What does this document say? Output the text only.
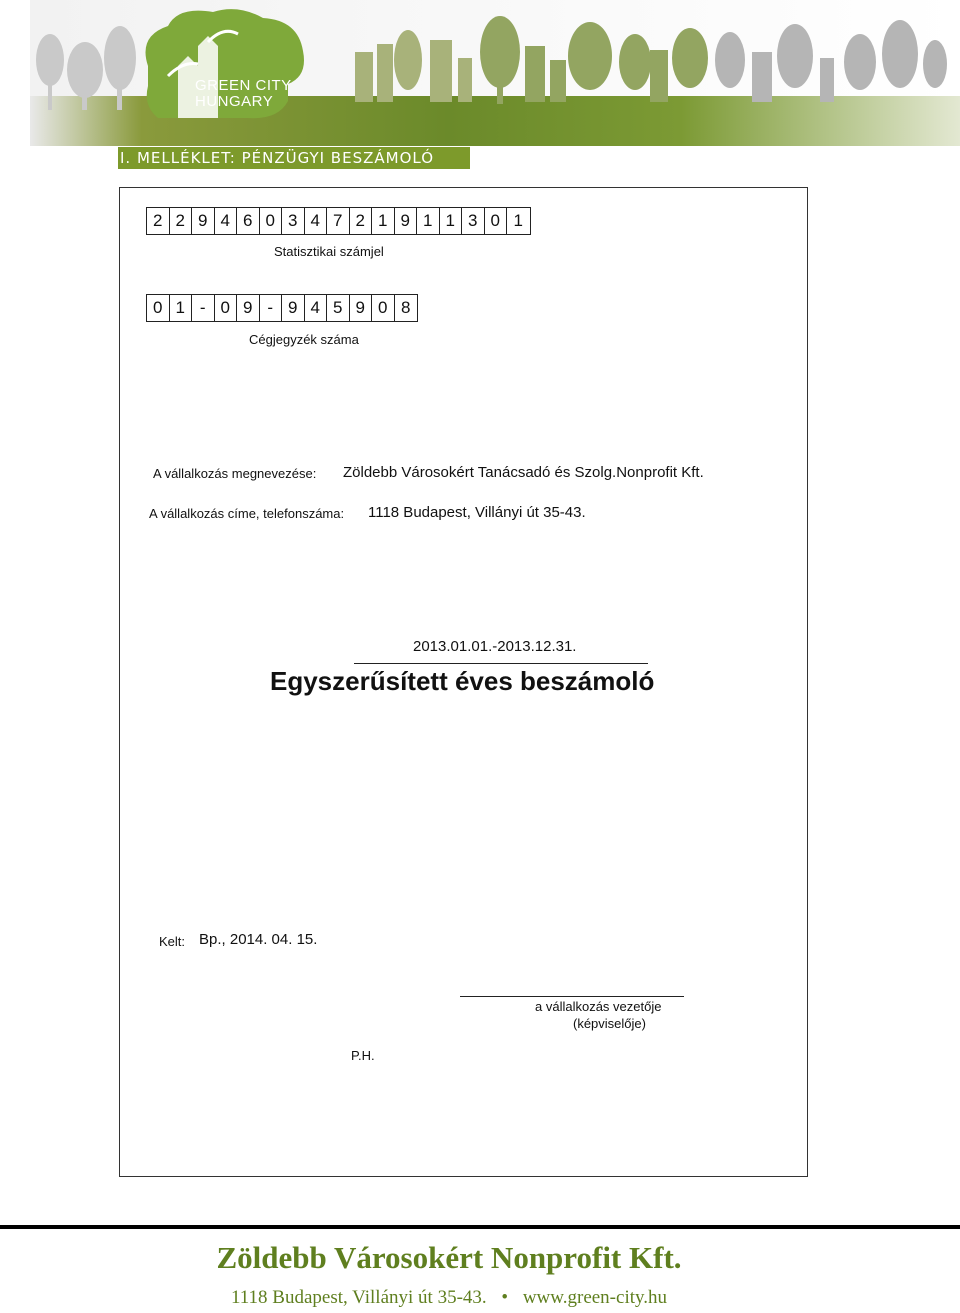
GREEN CITY
HUNGARY
I. MELLÉKLET: PÉNZÜGYI BESZÁMOLÓ
2 2 9 4 6 0 3 4 7 2 1 9 1 1 3 0 1
Statisztikai számjel
0 1 - 0 9 - 9 4 5 9 0 8
Cégjegyzék száma
A vállalkozás megnevezése: Zöldebb Városokért Tanácsadó és Szolg.Nonprofit Kft.
A vállalkozás címe, telefonszáma: 1118 Budapest, Villányi út 35-43.
2013.01.01.-2013.12.31.
Egyszerűsített éves beszámoló
Kelt: Bp., 2014. 04. 15.
a vállalkozás vezetője
(képviselője)
P.H.
Zöldebb Városokért Nonprofit Kft.
1118 Budapest, Villányi út 35-43. • www.green-city.hu
